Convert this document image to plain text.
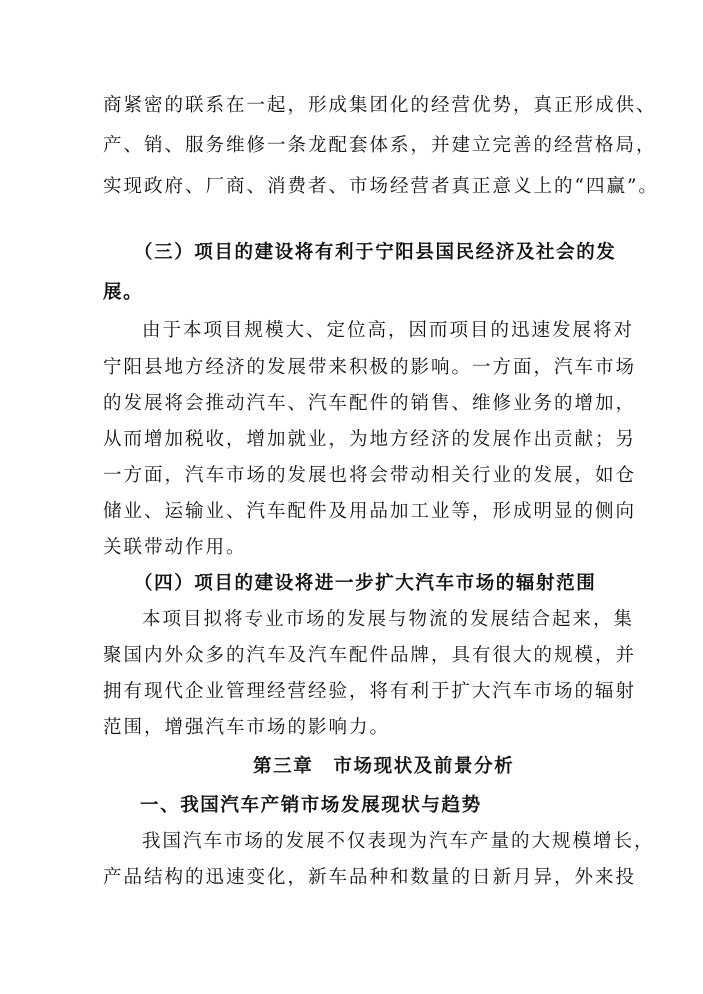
商紧密的联系在一起，形成集团化的经营优势，真正形成供、
产、销、服务维修一条龙配套体系，并建立完善的经营格局，
实现政府、厂商、消费者、市场经营者真正意义上的“四赢”。
（三）项目的建设将有利于宁阳县国民经济及社会的发
展。
由于本项目规模大、定位高，因而项目的迅速发展将对
宁阳县地方经济的发展带来积极的影响。一方面，汽车市场
的发展将会推动汽车、汽车配件的销售、维修业务的增加，
从而增加税收，增加就业，为地方经济的发展作出贡献；另
一方面，汽车市场的发展也将会带动相关行业的发展，如仓
储业、运输业、汽车配件及用品加工业等，形成明显的侧向
关联带动作用。
（四）项目的建设将进一步扩大汽车市场的辐射范围
本项目拟将专业市场的发展与物流的发展结合起来，集
聚国内外众多的汽车及汽车配件品牌，具有很大的规模，并
拥有现代企业管理经营经验，将有利于扩大汽车市场的辐射
范围，增强汽车市场的影响力。
第三章　市场现状及前景分析
一、我国汽车产销市场发展现状与趋势
我国汽车市场的发展不仅表现为汽车产量的大规模增长，
产品结构的迅速变化，新车品种和数量的日新月异，外来投
